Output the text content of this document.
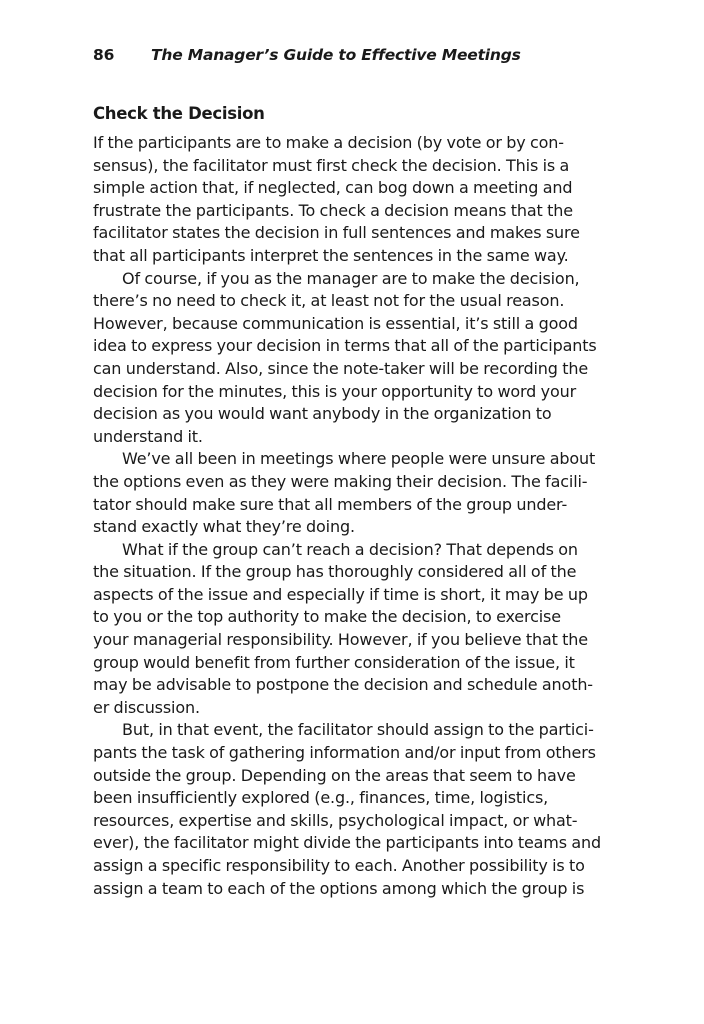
86 The Manager’s Guide to Effective Meetings
Check the Decision
If the participants are to make a decision (by vote or by con-
sensus), the facilitator must first check the decision. This is a
simple action that, if neglected, can bog down a meeting and
frustrate the participants. To check a decision means that the
facilitator states the decision in full sentences and makes sure
that all participants interpret the sentences in the same way.
Of course, if you as the manager are to make the decision,
there’s no need to check it, at least not for the usual reason.
However, because communication is essential, it’s still a good
idea to express your decision in terms that all of the participants
can understand. Also, since the note-taker will be recording the
decision for the minutes, this is your opportunity to word your
decision as you would want anybody in the organization to
understand it.
We’ve all been in meetings where people were unsure about
the options even as they were making their decision. The facili-
tator should make sure that all members of the group under-
stand exactly what they’re doing.
What if the group can’t reach a decision? That depends on
the situation. If the group has thoroughly considered all of the
aspects of the issue and especially if time is short, it may be up
to you or the top authority to make the decision, to exercise
your managerial responsibility. However, if you believe that the
group would benefit from further consideration of the issue, it
may be advisable to postpone the decision and schedule anoth-
er discussion.
But, in that event, the facilitator should assign to the partici-
pants the task of gathering information and/or input from others
outside the group. Depending on the areas that seem to have
been insufficiently explored (e.g., finances, time, logistics,
resources, expertise and skills, psychological impact, or what-
ever), the facilitator might divide the participants into teams and
assign a specific responsibility to each. Another possibility is to
assign a team to each of the options among which the group is
